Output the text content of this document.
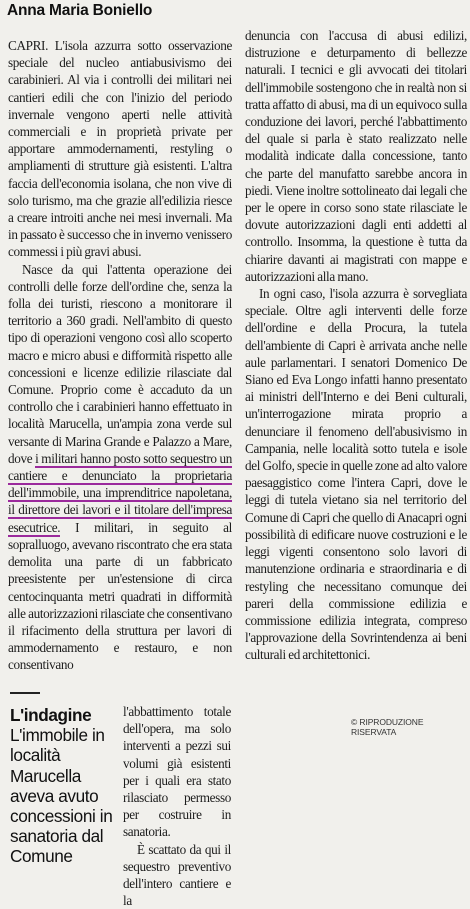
Anna Maria Boniello

CAPRI. L'isola azzurra sotto osservazione speciale del nucleo antiabusivismo dei carabinieri. Al via i controlli dei militari nei cantieri edili che con l'inizio del periodo invernale vengono aperti nelle attività commerciali e in proprietà private per apportare ammodernamenti, restyling o ampliamenti di strutture già esistenti. L'altra faccia dell'economia isolana, che non vive di solo turismo, ma che grazie all'edilizia riesce a creare introiti anche nei mesi invernali. Ma in passato è successo che in inverno venissero commessi i più gravi abusi.

Nasce da qui l'attenta operazione dei controlli delle forze dell'ordine che, senza la folla dei turisti, riescono a monitorare il territorio a 360 gradi. Nell'ambito di questo tipo di operazioni vengono così allo scoperto macro e micro abusi e difformità rispetto alle concessioni e licenze edilizie rilasciate dal Comune. Proprio come è accaduto da un controllo che i carabinieri hanno effettuato in località Marucella, un'ampia zona verde sul versante di Marina Grande e Palazzo a Mare, dove i militari hanno posto sotto sequestro un cantiere e denunciato la proprietaria dell'immobile, una imprenditrice napoletana, il direttore dei lavori e il titolare dell'impresa esecutrice. I militari, in seguito al sopralluogo, avevano riscontrato che era stata demolita una parte di un fabbricato preesistente per un'estensione di circa centocinquanta metri quadrati in difformità alle autorizzazioni rilasciate che consentivano il rifacimento della struttura per lavori di ammodernamento e restauro, e non consentivano

L'indagine
L'immobile in località Marucella aveva avuto concessioni in sanatoria dal Comune

l'abbattimento totale dell'opera, ma solo interventi a pezzi sui volumi già esistenti per i quali era stato rilasciato permesso per costruire in sanatoria.

È scattato da qui il sequestro preventivo dell'intero cantiere e la

denuncia con l'accusa di abusi edilizi, distruzione e deturpamento di bellezze naturali. I tecnici e gli avvocati dei titolari dell'immobile sostengono che in realtà non si tratta affatto di abusi, ma di un equivoco sulla conduzione dei lavori, perché l'abbattimento del quale si parla è stato realizzato nelle modalità indicate dalla concessione, tanto che parte del manufatto sarebbe ancora in piedi. Viene inoltre sottolineato dai legali che per le opere in corso sono state rilasciate le dovute autorizzazioni dagli enti addetti al controllo. Insomma, la questione è tutta da chiarire davanti ai magistrati con mappe e autorizzazioni alla mano.

In ogni caso, l'isola azzurra è sorvegliata speciale. Oltre agli interventi delle forze dell'ordine e della Procura, la tutela dell'ambiente di Capri è arrivata anche nelle aule parlamentari. I senatori Domenico De Siano ed Eva Longo infatti hanno presentato ai ministri dell'Interno e dei Beni culturali, un'interrogazione mirata proprio a denunciare il fenomeno dell'abusivismo in Campania, nelle località sotto tutela e isole del Golfo, specie in quelle zone ad alto valore paesaggistico come l'intera Capri, dove le leggi di tutela vietano sia nel territorio del Comune di Capri che quello di Anacapri ogni possibilità di edificare nuove costruzioni e le leggi vigenti consentono solo lavori di manutenzione ordinaria e straordinaria e di restyling che necessitano comunque dei pareri della commissione edilizia e commissione edilizia integrata, compreso l'approvazione della Sovrintendenza ai beni culturali ed architettonici.

© RIPRODUZIONE RISERVATA
